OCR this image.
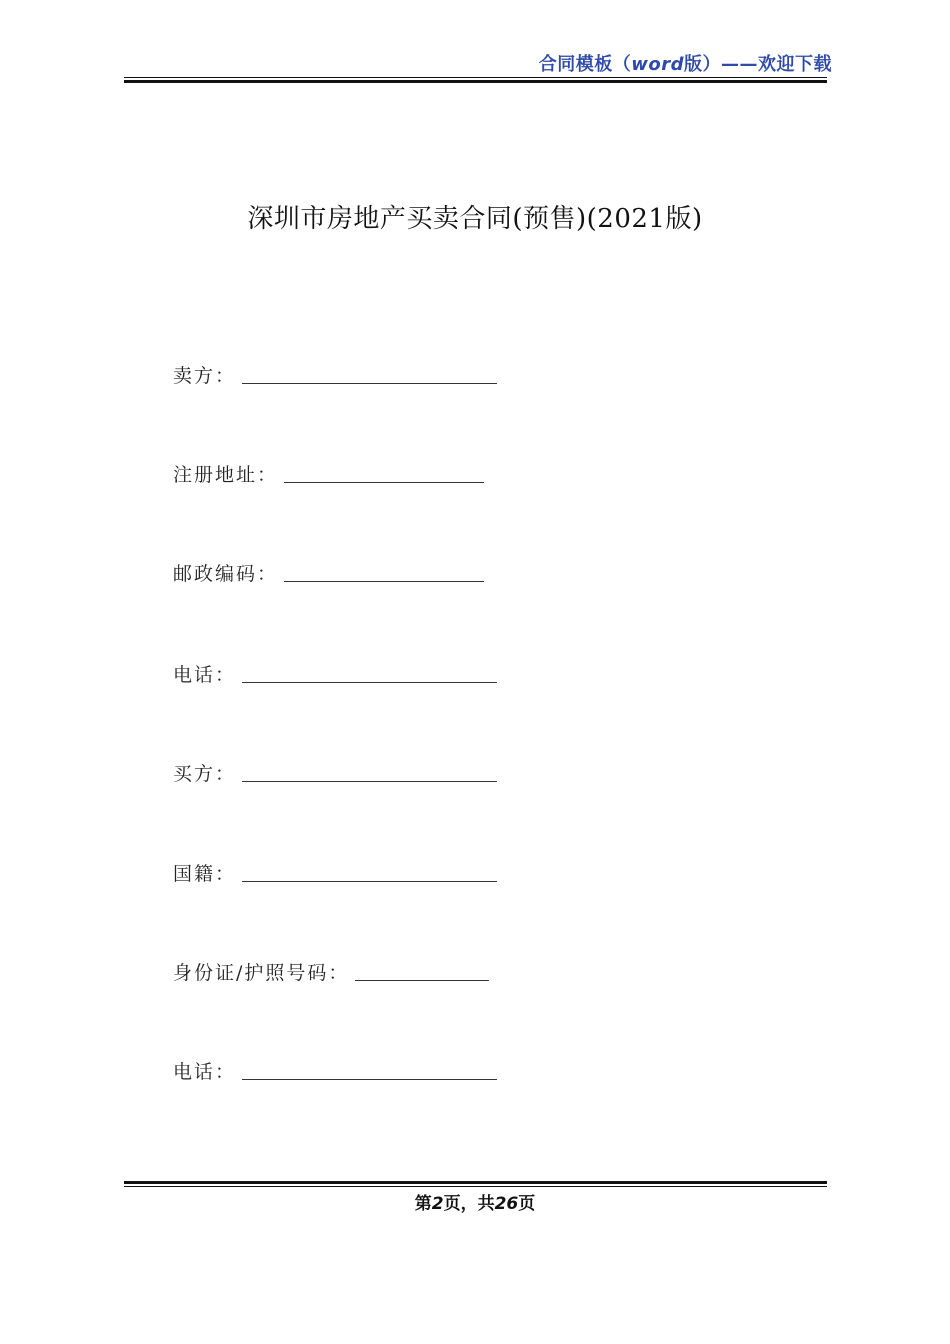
合同模板（word版）——欢迎下载
深圳市房地产买卖合同(预售)(2021版)
卖方：
注册地址：
邮政编码：
电话：
买方：
国籍：
身份证/护照号码：
电话：
第2页，共26页
